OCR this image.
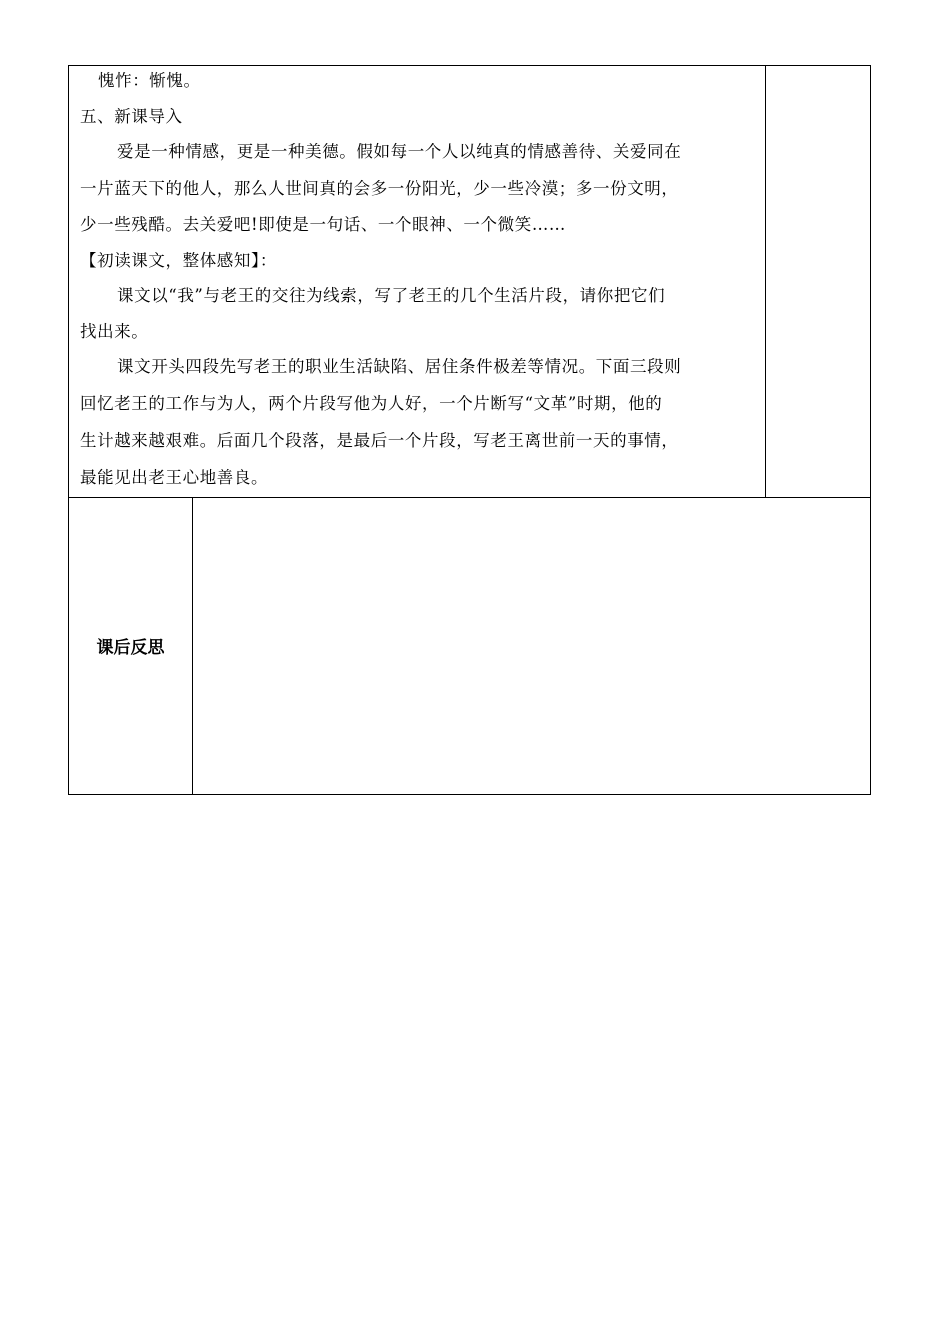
愧怍：惭愧。
五、新课导入
爱是一种情感，更是一种美德。假如每一个人以纯真的情感善待、关爱同在
一片蓝天下的他人，那么人世间真的会多一份阳光，少一些冷漠；多一份文明，
少一些残酷。去关爱吧!即使是一句话、一个眼神、一个微笑……
【初读课文，整体感知】：
课文以“我”与老王的交往为线索，写了老王的几个生活片段，请你把它们
找出来。
课文开头四段先写老王的职业生活缺陷、居住条件极差等情况。下面三段则
回忆老王的工作与为人，两个片段写他为人好，一个片断写“文革”时期，他的
生计越来越艰难。后面几个段落，是最后一个片段，写老王离世前一天的事情，
最能见出老王心地善良。
课后反思
